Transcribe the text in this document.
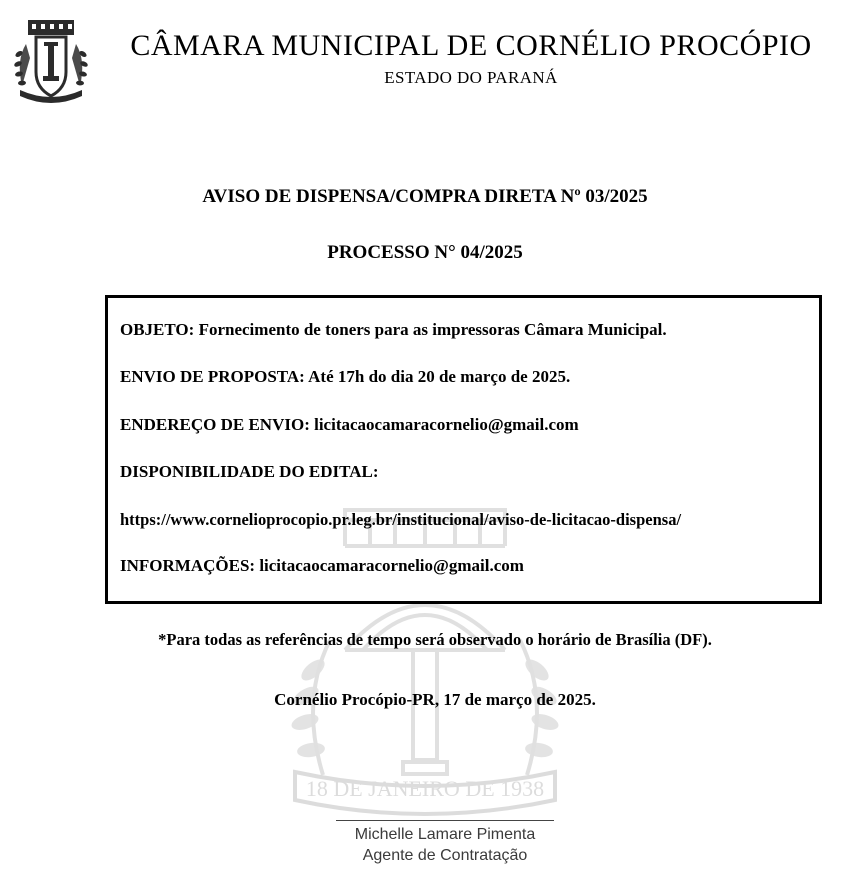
CÂMARA MUNICIPAL DE CORNÉLIO PROCÓPIO
ESTADO DO PARANÁ
18 DE JANEIRO DE 1938
AVISO DE DISPENSA/COMPRA DIRETA Nº 03/2025
PROCESSO N° 04/2025

OBJETO: Fornecimento de toners para as impressoras Câmara Municipal.

ENVIO DE PROPOSTA: Até 17h do dia 20 de março de 2025.

ENDEREÇO DE ENVIO: licitacaocamaracornelio@gmail.com

DISPONIBILIDADE DO EDITAL:

https://www.cornelioprocopio.pr.leg.br/institucional/aviso-de-licitacao-dispensa/

INFORMAÇÕES: licitacaocamaracornelio@gmail.com

*Para todas as referências de tempo será observado o horário de Brasília (DF).
Cornélio Procópio-PR, 17 de março de 2025.
Michelle Lamare Pimenta
Agente de Contratação
